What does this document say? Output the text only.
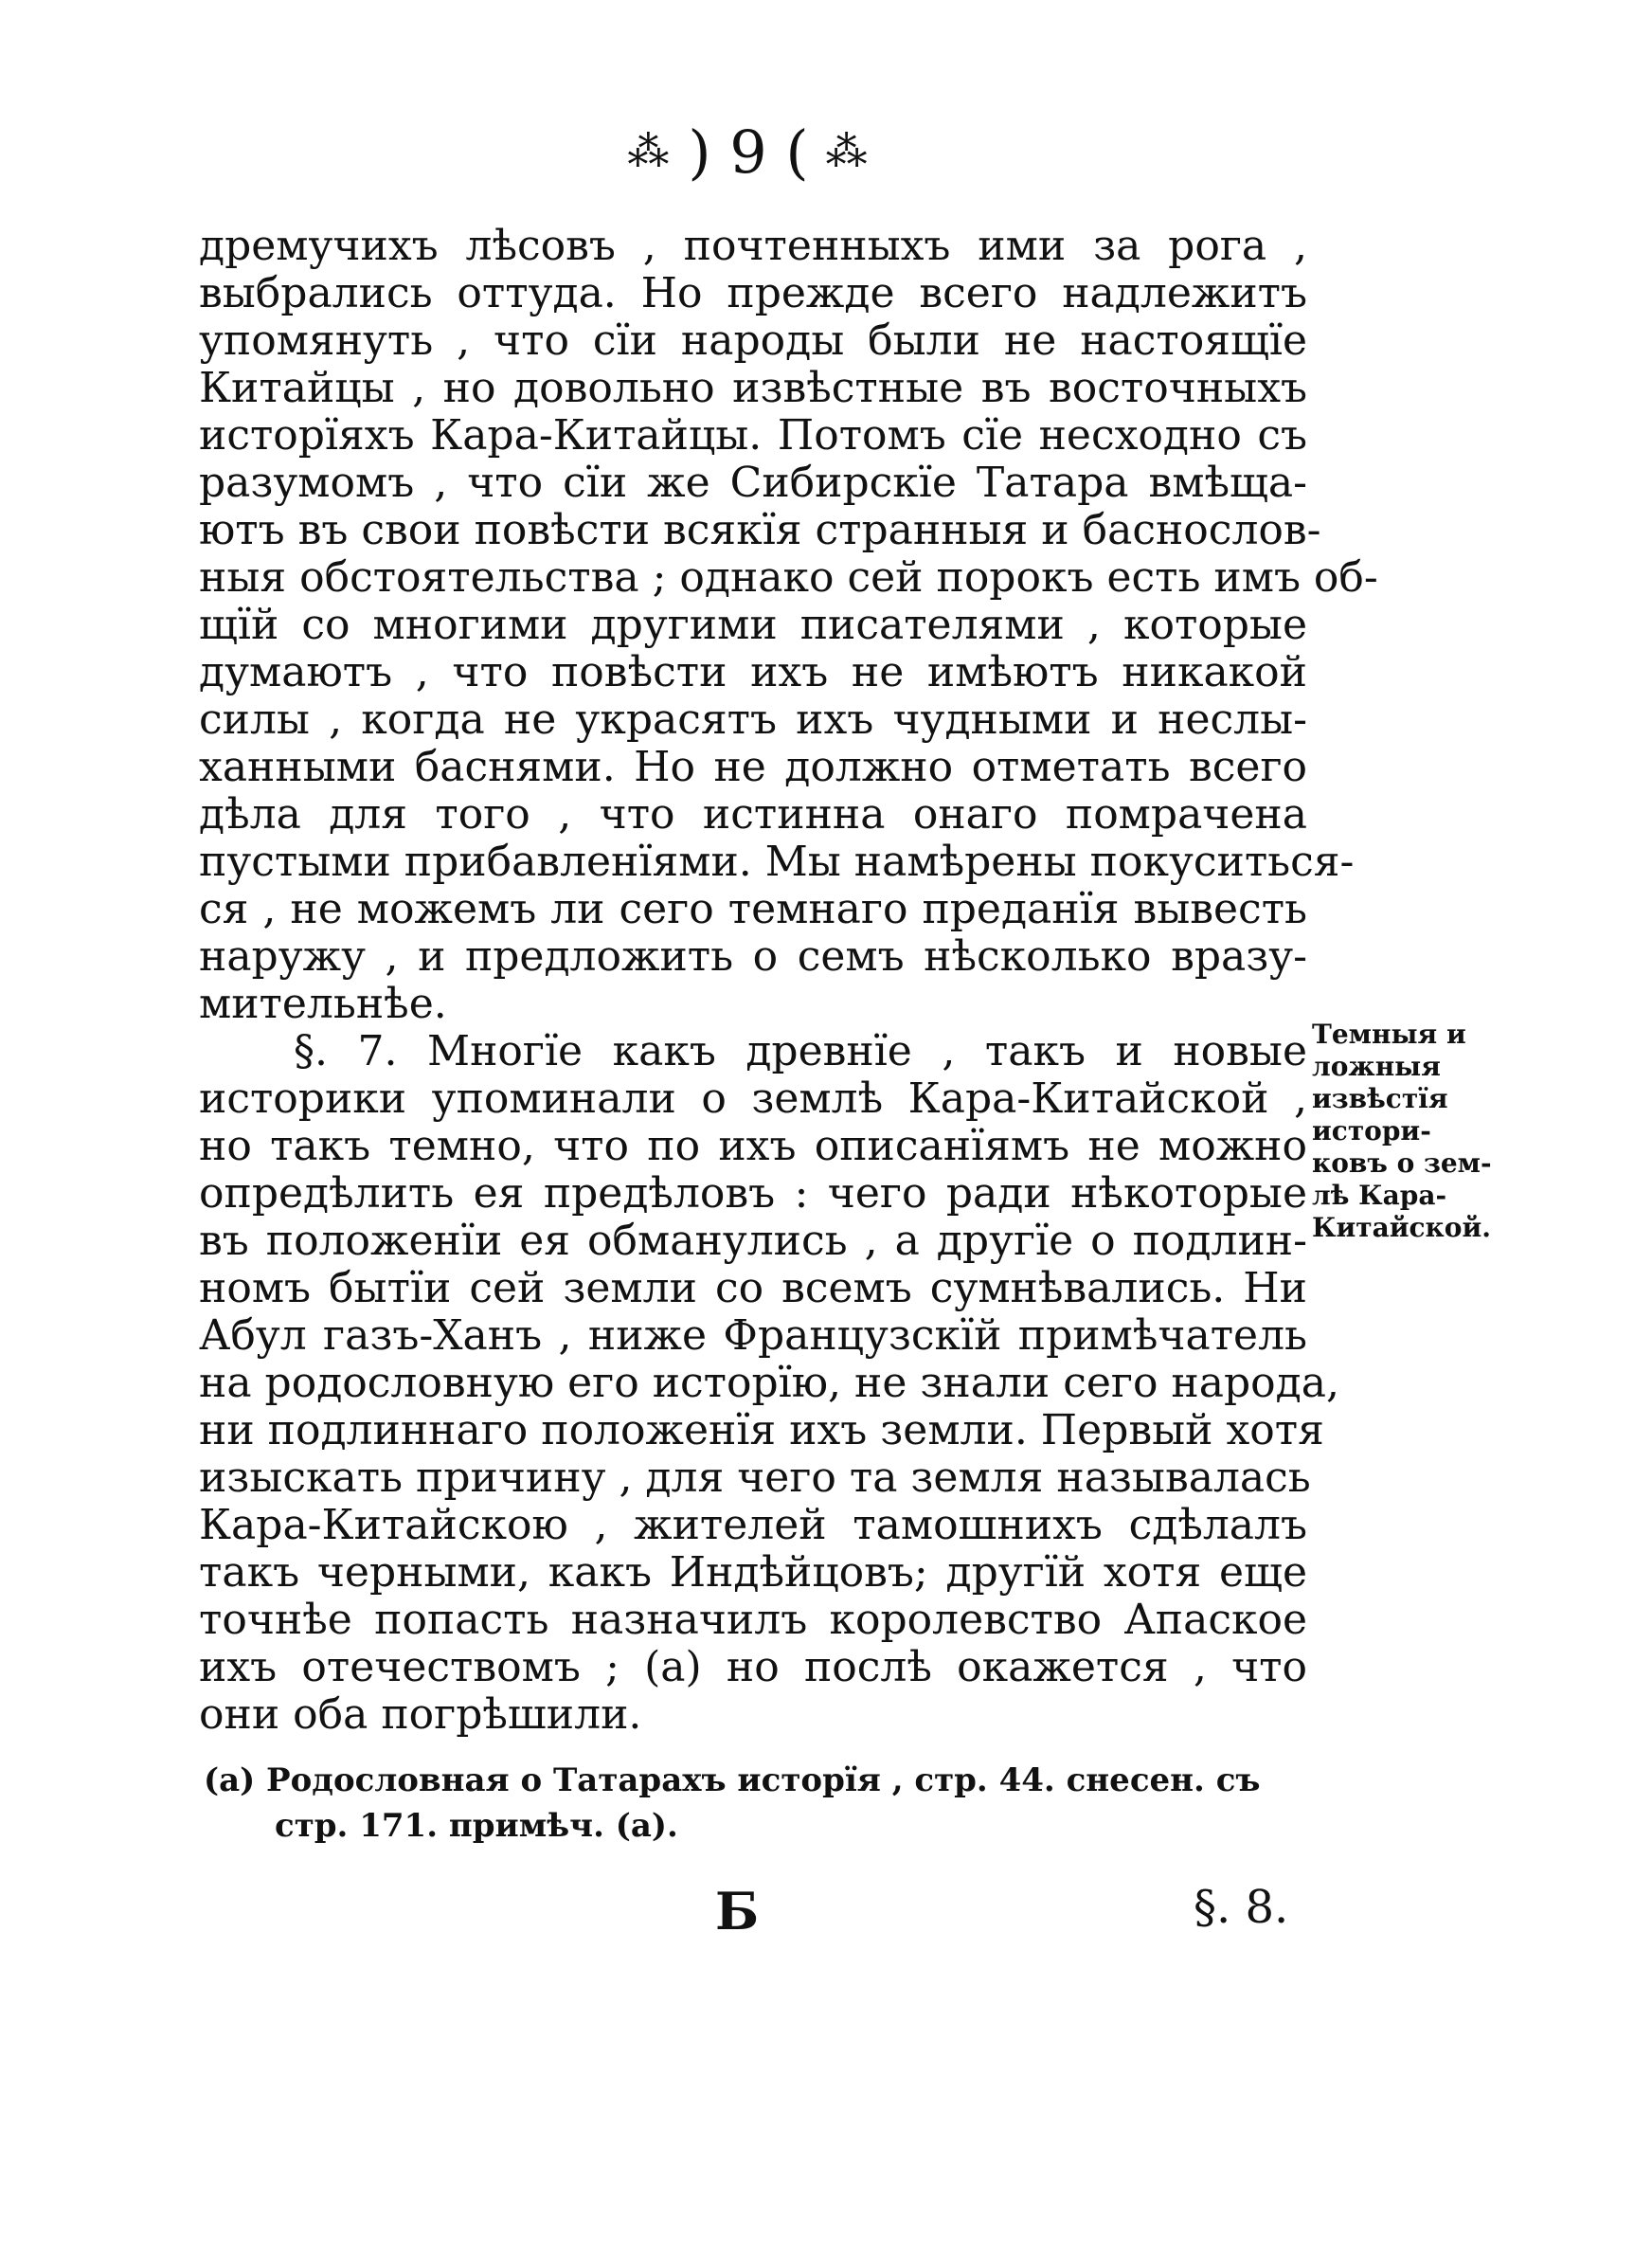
⁂ ) 9 ( ⁂
дремучихъ лѣсовъ , почтенныхъ ими за рога ,
выбрались оттуда. Но прежде всего надлежитъ
упомянуть , что сїи народы были не настоящїе
Китайцы , но довольно извѣстные въ восточныхъ
исторїяхъ Кара-Китайцы. Потомъ сїе несходно съ
разумомъ , что сїи же Сибирскїе Татара вмѣща-
ютъ въ свои повѣсти всякїя странныя и баснослов-
ныя обстоятельства ; однако сей порокъ есть имъ об-
щїй со многими другими писателями , которые
думаютъ , что повѣсти ихъ не имѣютъ никакой
силы , когда не украсятъ ихъ чудными и неслы-
ханными баснями. Но не должно отметать всего
дѣла для того , что истинна онаго помрачена
пустыми прибавленїями. Мы намѣрены покуситься-
ся , не можемъ ли сего темнаго преданїя вывесть
наружу , и предложить о семъ нѣсколько вразу-
мительнѣе.
§. 7. Многїе какъ древнїе , такъ и новые
историки упоминали о землѣ Кара-Китайской ,
но такъ темно, что по ихъ описанїямъ не можно
опредѣлить ея предѣловъ : чего ради нѣкоторые
въ положенїи ея обманулись , а другїе о подлин-
номъ бытїи сей земли со всемъ сумнѣвались. Ни
Абул газъ-Ханъ , ниже Французскїй примѣчатель
на родословную его исторїю, не знали сего народа,
ни подлиннаго положенїя ихъ земли. Первый хотя
изыскать причину , для чего та земля называлась
Кара-Китайскою , жителей тамошнихъ сдѣлалъ
такъ черными, какъ Индѣйцовъ; другїй хотя еще
точнѣе попасть назначилъ королевство Апаское
ихъ отечествомъ ; (а) но послѣ окажется , что
они оба погрѣшили.
Темныя и
ложныя
извѣстїя
истори-
ковъ о зем-
лѣ Кара-
Китайской.
(а) Родословная о Татарахъ исторїя , стр. 44. снесен. съ
стр. 171. примѣч. (а).
Б	§. 8.
